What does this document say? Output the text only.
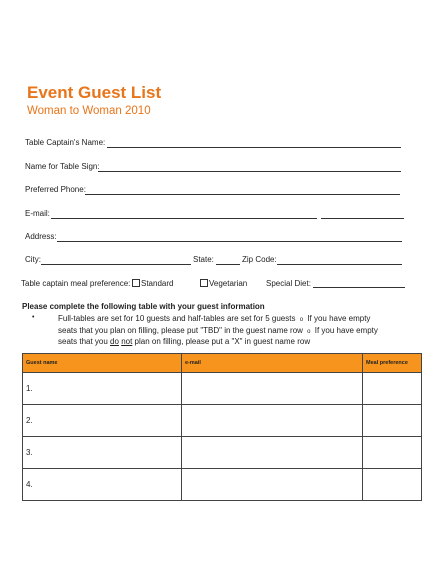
Event Guest List
Woman to Woman 2010
Table Captain's Name:
Name for Table Sign:
Preferred Phone:
E-mail:
Address:
City:	State:	Zip Code:
Table captain meal preference:	Standard	Vegetarian Special Diet:
Please complete the following table with your guest information
•	Full-tables are set for 10 guests and half-tables are set for 5 guests o If you have empty
seats that you plan on filling, please put "TBD" in the guest name row o If you have empty
seats that you do not plan on filling, please put a "X" in guest name row
Guest name	e-mail	Meal preference
1.		
2.		
3.		
4.		
